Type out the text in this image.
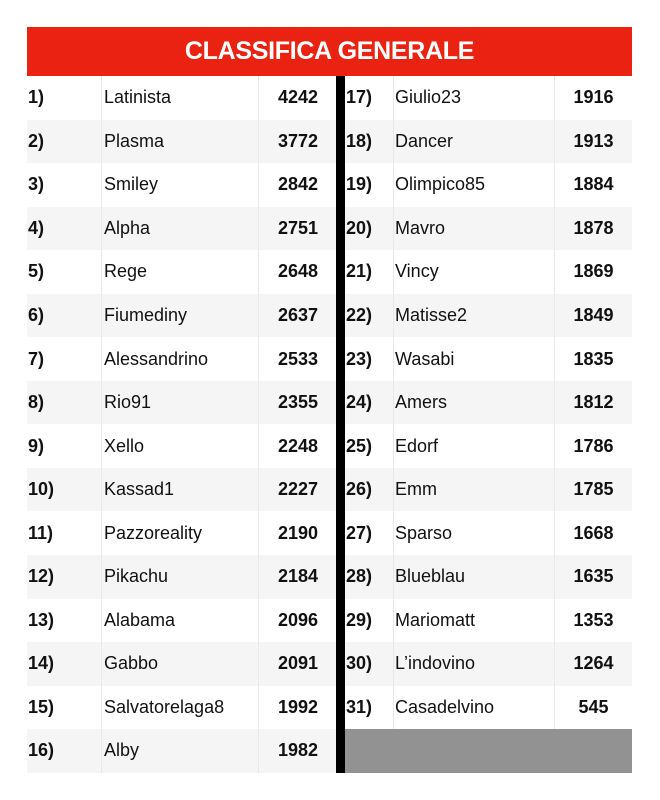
CLASSIFICA GENERALE
1)	Latinista	4242
2)	Plasma	3772
3)	Smiley	2842
4)	Alpha	2751
5)	Rege	2648
6)	Fiumediny	2637
7)	Alessandrino	2533
8)	Rio91	2355
9)	Xello	2248
10)	Kassad1	2227
11)	Pazzoreality	2190
12)	Pikachu	2184
13)	Alabama	2096
14)	Gabbo	2091
15)	Salvatorelaga8	1992
16)	Alby	1982
17)	Giulio23	1916
18)	Dancer	1913
19)	Olimpico85	1884
20)	Mavro	1878
21)	Vincy	1869
22)	Matisse2	1849
23)	Wasabi	1835
24)	Amers	1812
25)	Edorf	1786
26)	Emm	1785
27)	Sparso	1668
28)	Blueblau	1635
29)	Mariomatt	1353
30)	L’indovino	1264
31)	Casadelvino	545
